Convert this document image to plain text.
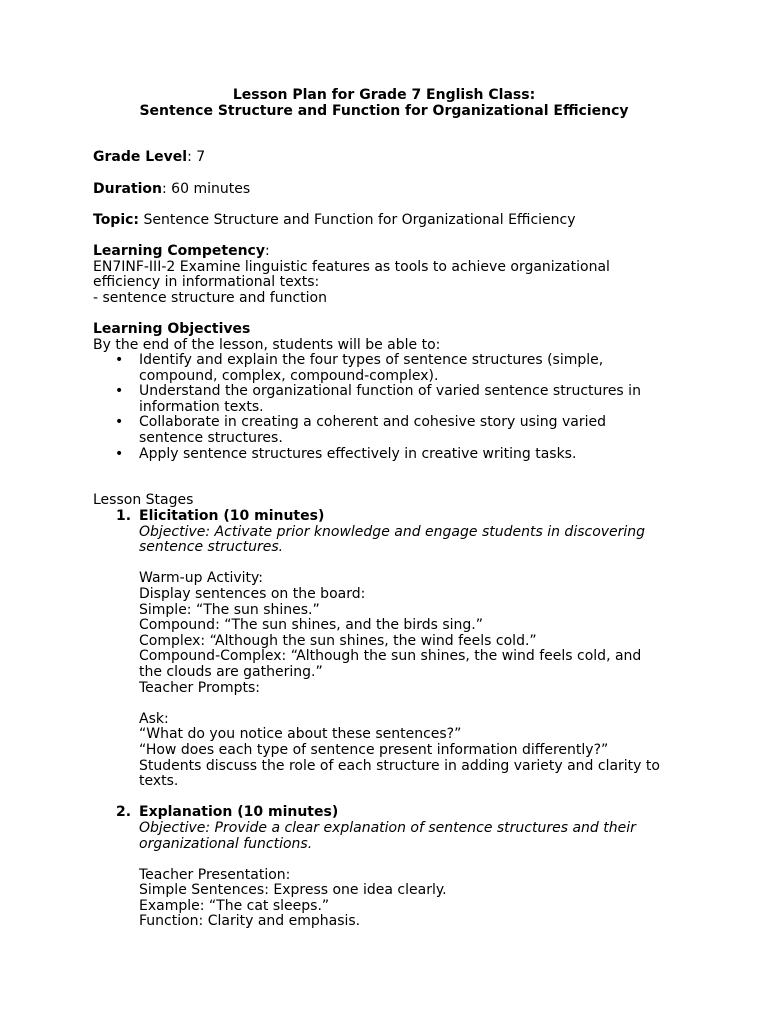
Lesson Plan for Grade 7 English Class:
Sentence Structure and Function for Organizational Efficiency
Grade Level: 7
Duration: 60 minutes
Topic: Sentence Structure and Function for Organizational Efficiency
Learning Competency:
EN7INF-III-2 Examine linguistic features as tools to achieve organizational
efficiency in informational texts:
- sentence structure and function
Learning Objectives
By the end of the lesson, students will be able to:
• Identify and explain the four types of sentence structures (simple,
compound, complex, compound-complex).
• Understand the organizational function of varied sentence structures in
information texts.
• Collaborate in creating a coherent and cohesive story using varied
sentence structures.
• Apply sentence structures effectively in creative writing tasks.
Lesson Stages
1. Elicitation (10 minutes)
Objective: Activate prior knowledge and engage students in discovering
sentence structures.
Warm-up Activity:
Display sentences on the board:
Simple: “The sun shines.”
Compound: “The sun shines, and the birds sing.”
Complex: “Although the sun shines, the wind feels cold.”
Compound-Complex: “Although the sun shines, the wind feels cold, and
the clouds are gathering.”
Teacher Prompts:
Ask:
“What do you notice about these sentences?”
“How does each type of sentence present information differently?”
Students discuss the role of each structure in adding variety and clarity to
texts.
2. Explanation (10 minutes)
Objective: Provide a clear explanation of sentence structures and their
organizational functions.
Teacher Presentation:
Simple Sentences: Express one idea clearly.
Example: “The cat sleeps.”
Function: Clarity and emphasis.
